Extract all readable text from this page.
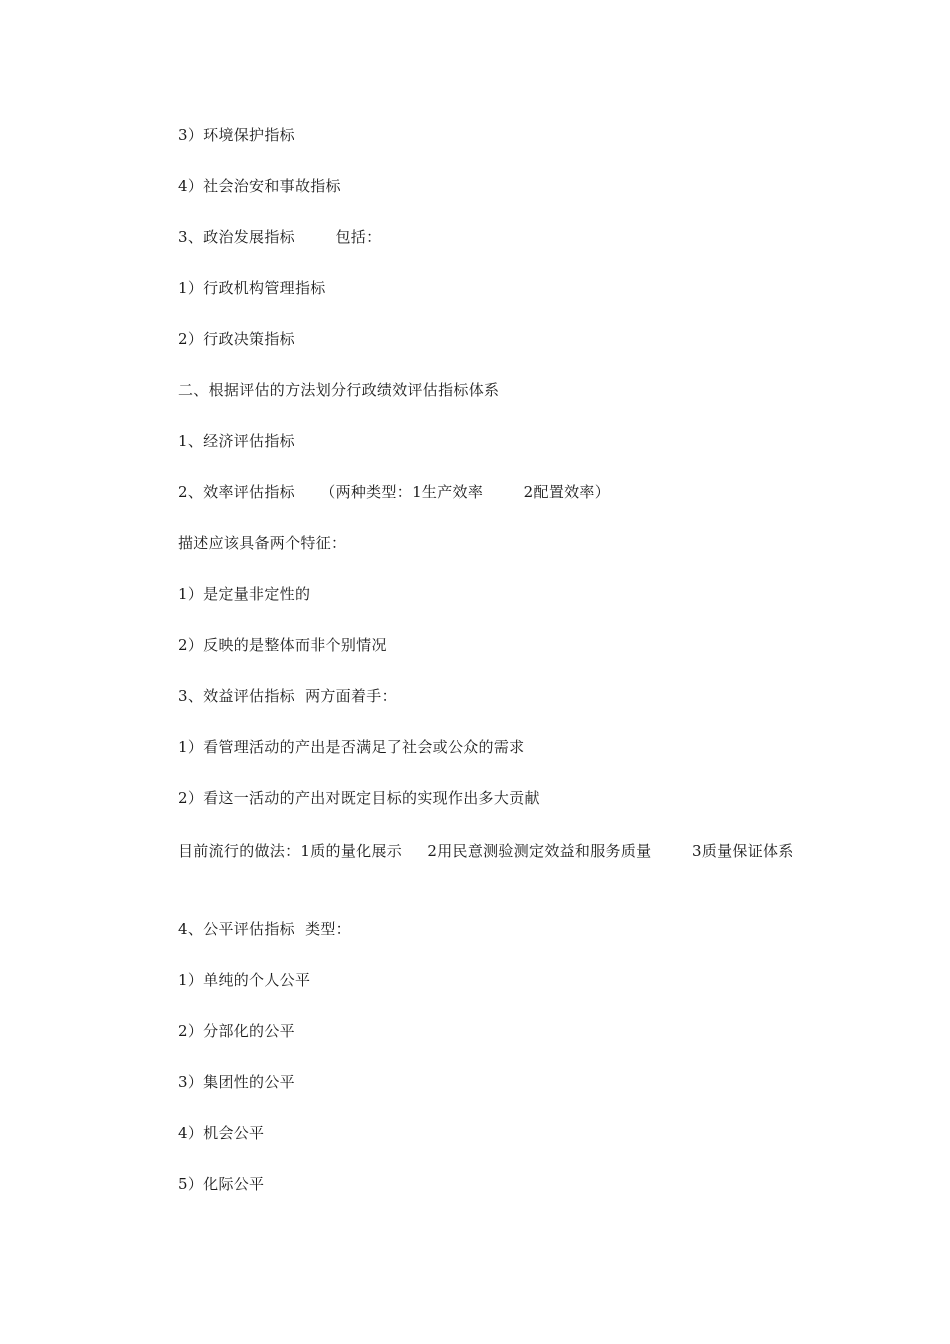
3）环境保护指标
4）社会治安和事故指标
3、政治发展指标        包括：
1）行政机构管理指标
2）行政决策指标
二、根据评估的方法划分行政绩效评估指标体系
1、经济评估指标
2、效率评估指标     （两种类型：1生产效率        2配置效率）
描述应该具备两个特征：
1）是定量非定性的
2）反映的是整体而非个别情况
3、效益评估指标  两方面着手：
1）看管理活动的产出是否满足了社会或公众的需求
2）看这一活动的产出对既定目标的实现作出多大贡献
目前流行的做法：1质的量化展示     2用民意测验测定效益和服务质量        3质量保证体系
4、公平评估指标  类型：
1）单纯的个人公平
2）分部化的公平
3）集团性的公平
4）机会公平
5）化际公平
